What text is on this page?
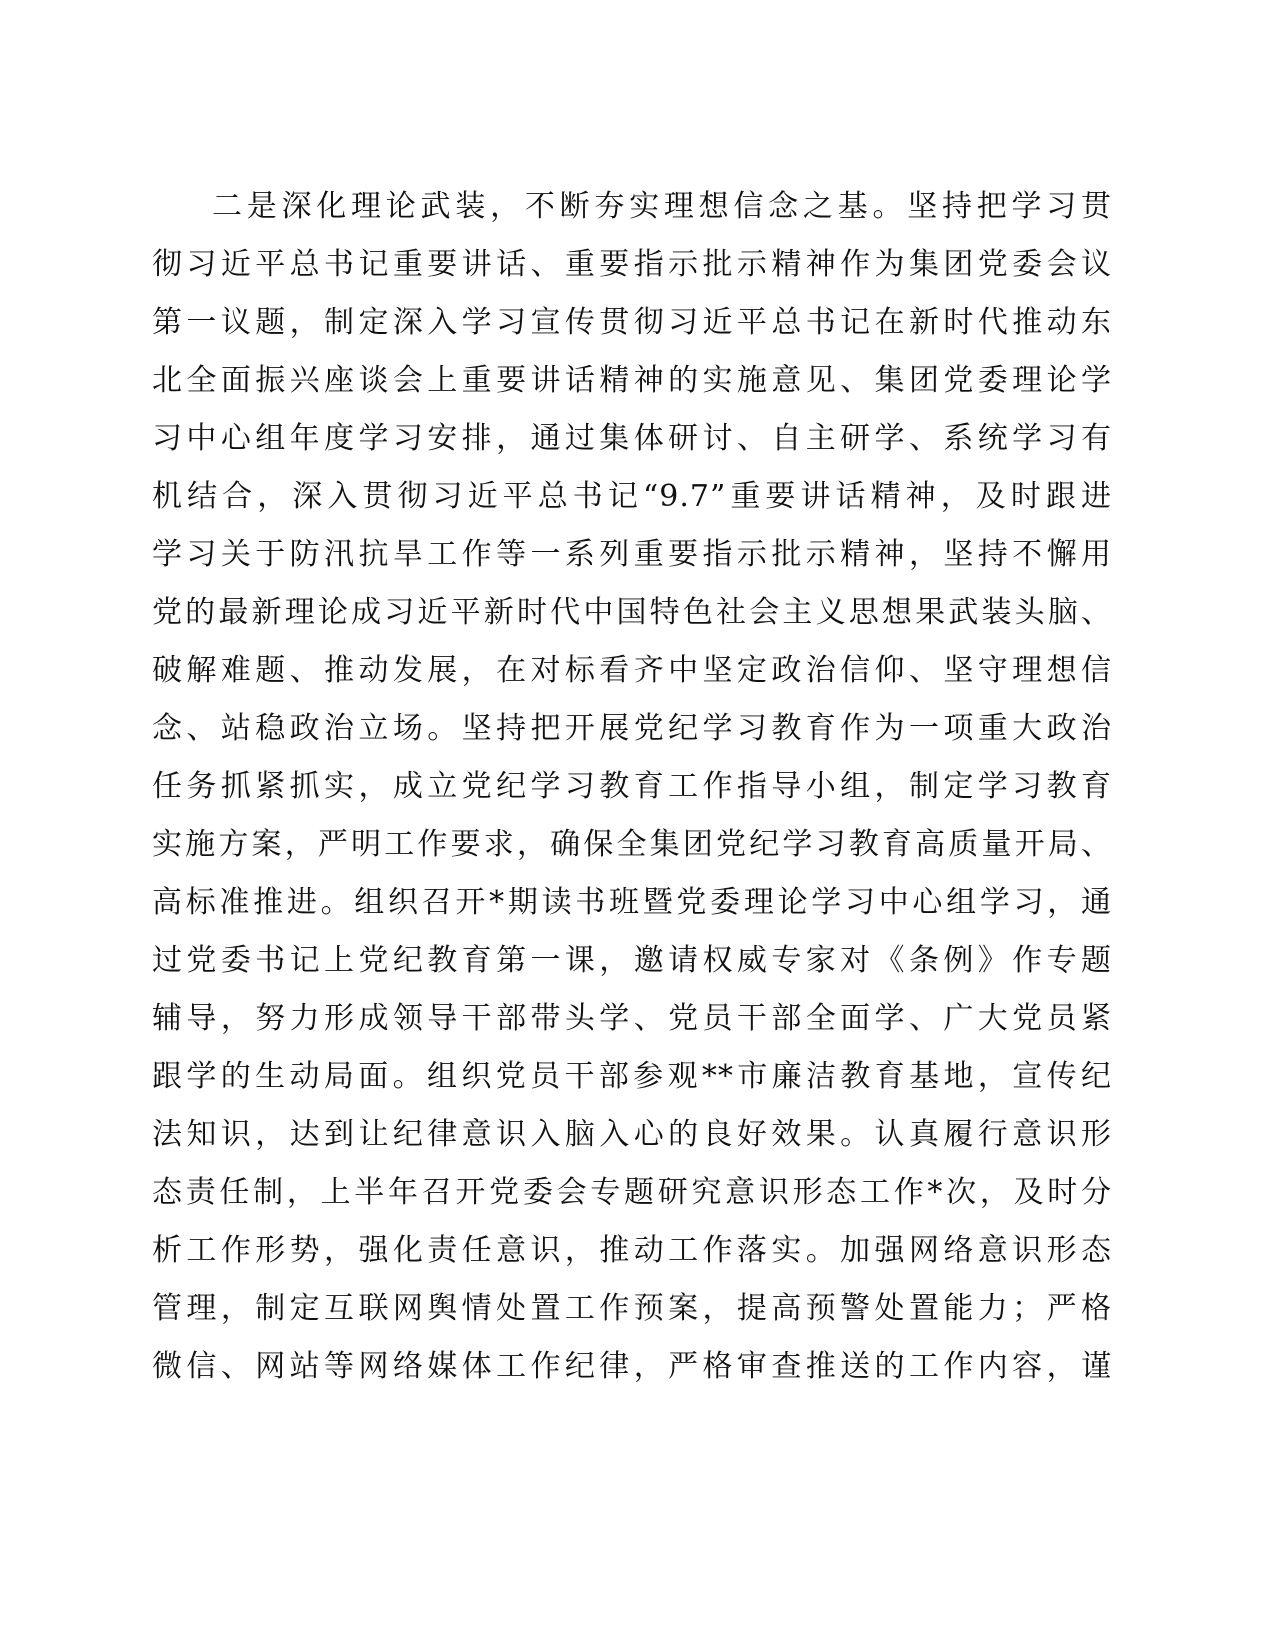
二是深化理论武装，不断夯实理想信念之基。坚持把学习贯
彻习近平总书记重要讲话、重要指示批示精神作为集团党委会议
第一议题，制定深入学习宣传贯彻习近平总书记在新时代推动东
北全面振兴座谈会上重要讲话精神的实施意见、集团党委理论学
习中心组年度学习安排，通过集体研讨、自主研学、系统学习有
机结合，深入贯彻习近平总书记“9.7”重要讲话精神，及时跟进
学习关于防汛抗旱工作等一系列重要指示批示精神，坚持不懈用
党的最新理论成习近平新时代中国特色社会主义思想果武装头脑、
破解难题、推动发展，在对标看齐中坚定政治信仰、坚守理想信
念、站稳政治立场。坚持把开展党纪学习教育作为一项重大政治
任务抓紧抓实，成立党纪学习教育工作指导小组，制定学习教育
实施方案，严明工作要求，确保全集团党纪学习教育高质量开局、
高标准推进。组织召开*期读书班暨党委理论学习中心组学习，通
过党委书记上党纪教育第一课，邀请权威专家对《条例》作专题
辅导，努力形成领导干部带头学、党员干部全面学、广大党员紧
跟学的生动局面。组织党员干部参观**市廉洁教育基地，宣传纪
法知识，达到让纪律意识入脑入心的良好效果。认真履行意识形
态责任制，上半年召开党委会专题研究意识形态工作*次，及时分
析工作形势，强化责任意识，推动工作落实。加强网络意识形态
管理，制定互联网舆情处置工作预案，提高预警处置能力；严格
微信、网站等网络媒体工作纪律，严格审查推送的工作内容，谨
